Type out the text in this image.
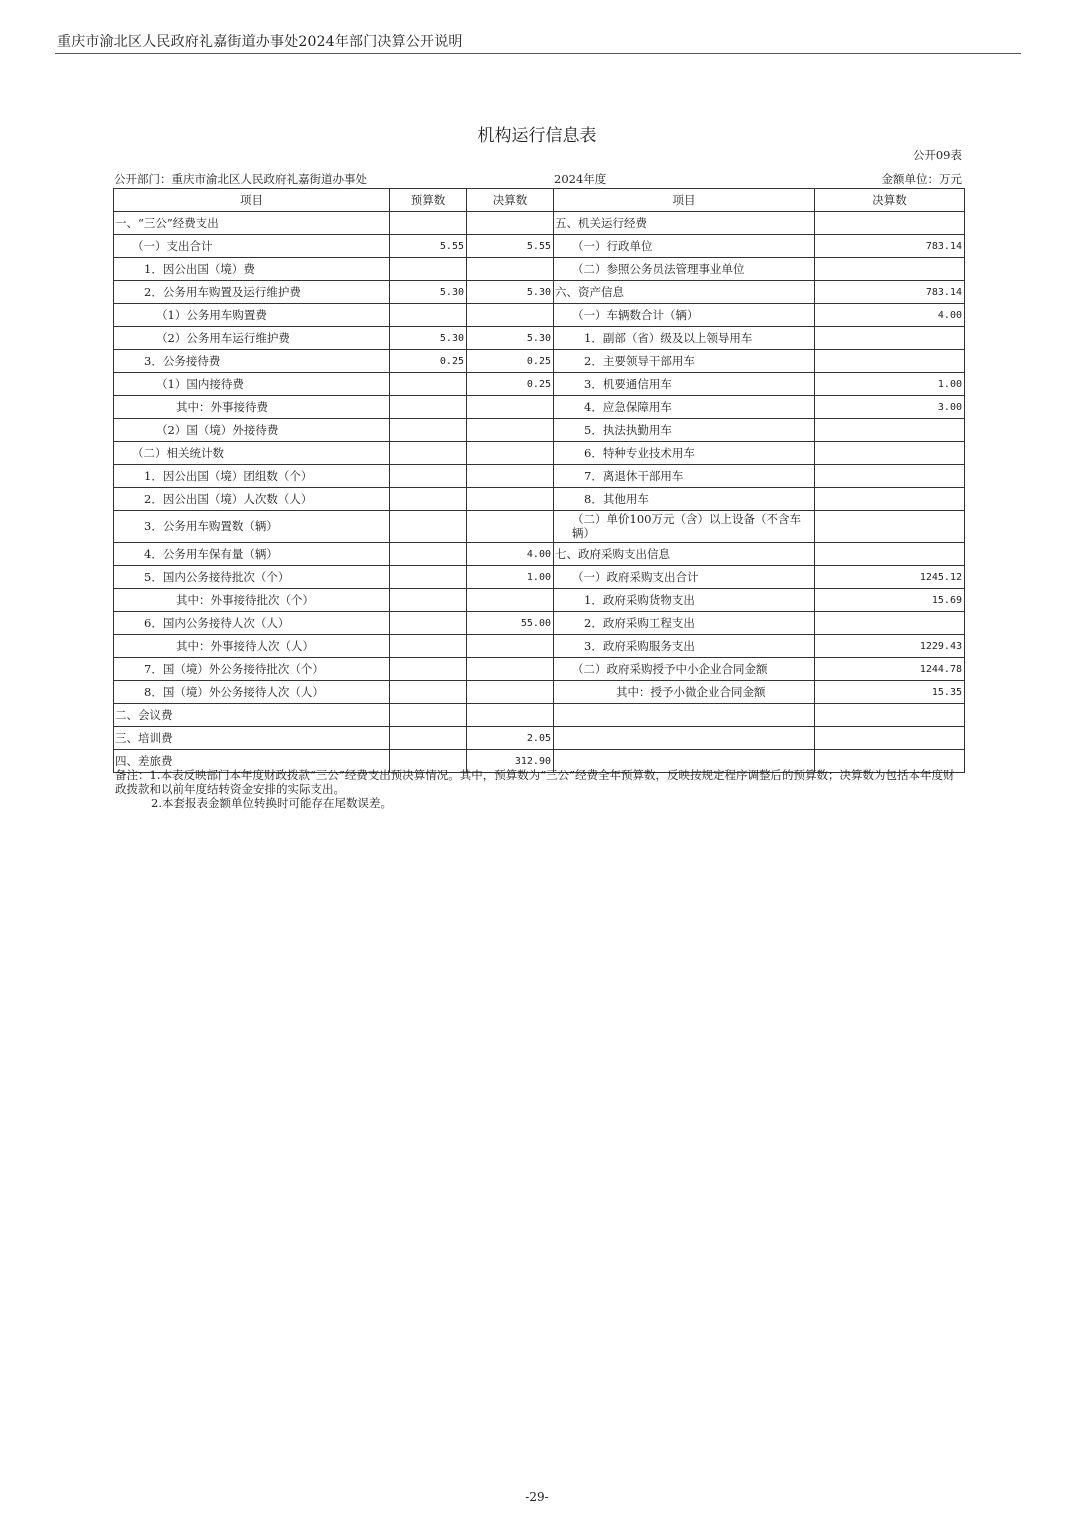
重庆市渝北区人民政府礼嘉街道办事处2024年部门决算公开说明
机构运行信息表
公开09表
公开部门：重庆市渝北区人民政府礼嘉街道办事处	2024年度	金额单位：万元
项目	预算数	决算数	项目	决算数
一、“三公”经费支出			五、机关运行经费	
（一）支出合计	5.55	5.55	（一）行政单位	783.14
1．因公出国（境）费			（二）参照公务员法管理事业单位	
2．公务用车购置及运行维护费	5.30	5.30	六、资产信息	783.14
（1）公务用车购置费			（一）车辆数合计（辆）	4.00
（2）公务用车运行维护费	5.30	5.30	1．副部（省）级及以上领导用车	
3．公务接待费	0.25	0.25	2．主要领导干部用车	
（1）国内接待费		0.25	3．机要通信用车	1.00
其中：外事接待费			4．应急保障用车	3.00
（2）国（境）外接待费			5．执法执勤用车	
（二）相关统计数			6．特种专业技术用车	
1．因公出国（境）团组数（个）			7．离退休干部用车	
2．因公出国（境）人次数（人）			8．其他用车	
3．公务用车购置数（辆）			（二）单价100万元（含）以上设备（不含车辆）	
4．公务用车保有量（辆）		4.00	七、政府采购支出信息	
5．国内公务接待批次（个）		1.00	（一）政府采购支出合计	1245.12
其中：外事接待批次（个）			1．政府采购货物支出	15.69
6．国内公务接待人次（人）		55.00	2．政府采购工程支出	
其中：外事接待人次（人）			3．政府采购服务支出	1229.43
7．国（境）外公务接待批次（个）			（二）政府采购授予中小企业合同金额	1244.78
8．国（境）外公务接待人次（人）			其中：授予小微企业合同金额	15.35
二、会议费				
三、培训费		2.05		
四、差旅费		312.90		

备注：1.本表反映部门本年度财政拨款“三公”经费支出预决算情况。其中，预算数为“三公”经费全年预算数，反映按规定程序调整后的预算数；决算数为包括本年度财政拨款和以前年度结转资金安排的实际支出。

2.本套报表金额单位转换时可能存在尾数误差。

-29-
